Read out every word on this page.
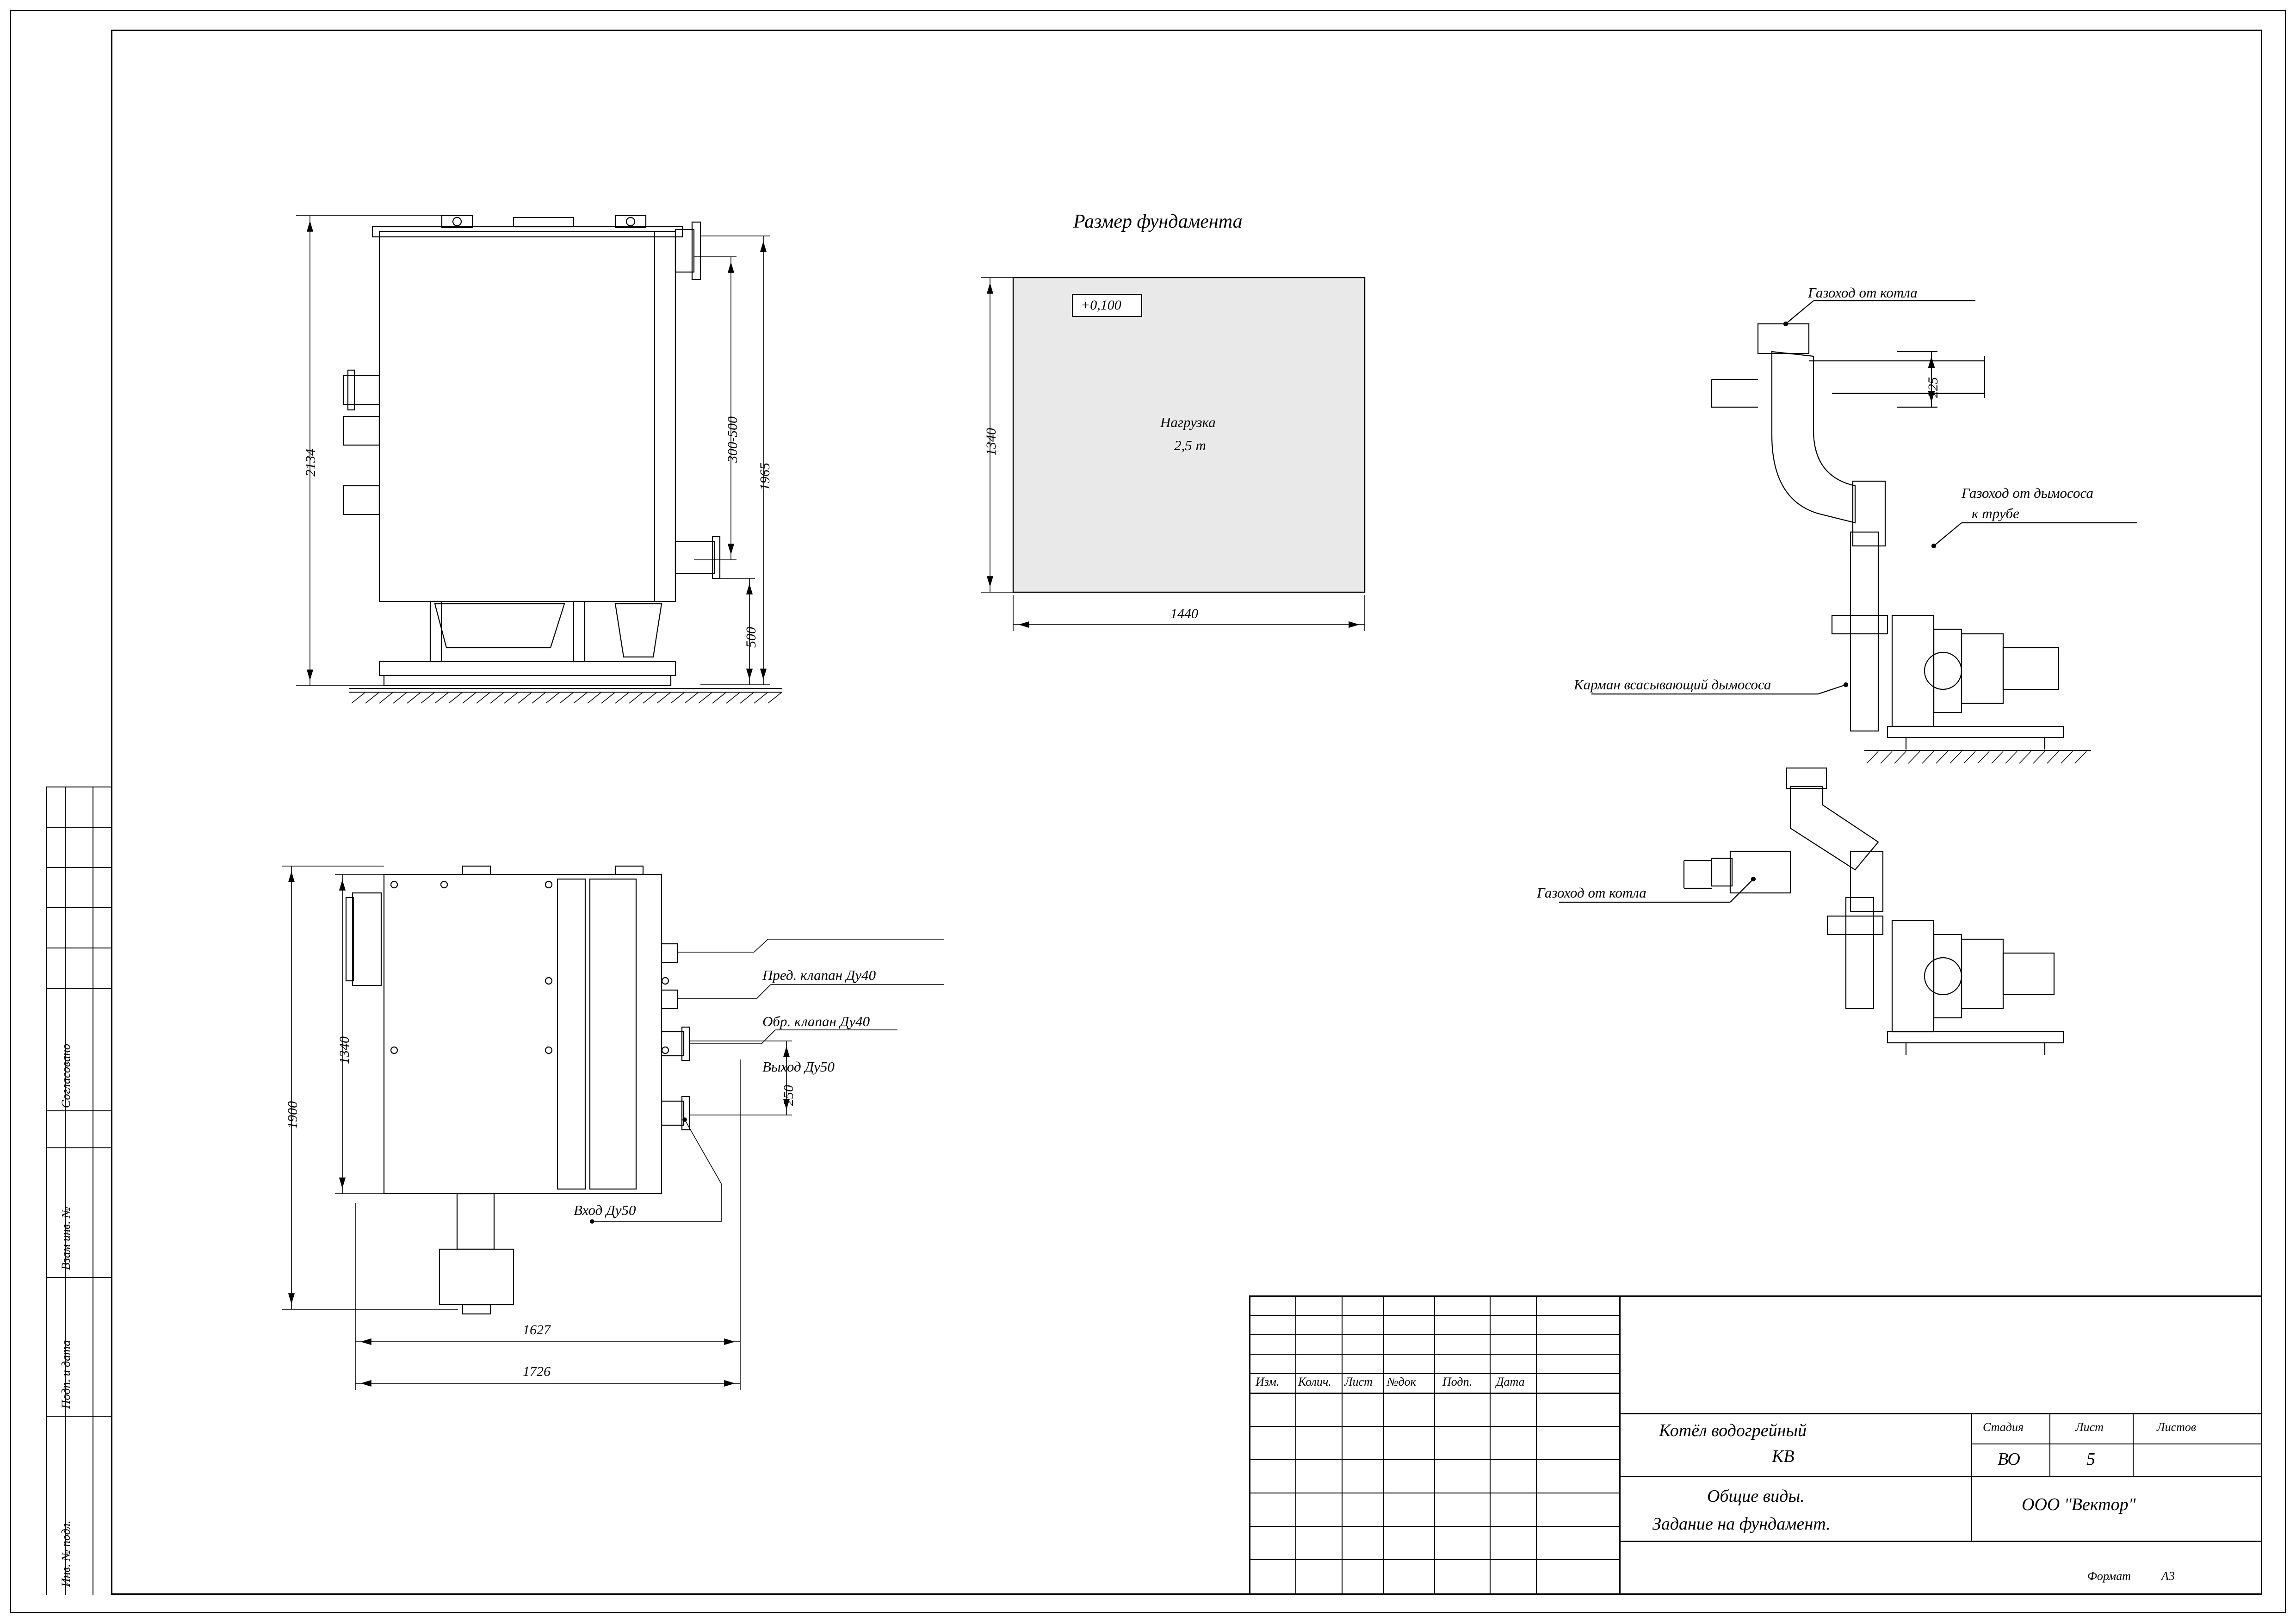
Согласовано
Взам инв. №
Подп. и дата
Инв. № подл.
2134	1965
300-500
500
1900
1340
1627
1726
250
Пред. клапан Ду40
Обр. клапан Ду40
Выход Ду50
Вход Ду50
Размер фундамента
+0,100
1340
1440
Нагрузка
2,5 т
Газоход от котла
Газоход от дымососа
к трубе
Карман всасывающий дымососа
225
Газоход от котла
Изм. Колич. Лист №док Подп. Дата
Котёл водогрейный
КВ
Общие виды.
Задание на фундамент.
Стадия	Лист	Листов
ВО	5
ООО "Вектор"
Формат	А3
